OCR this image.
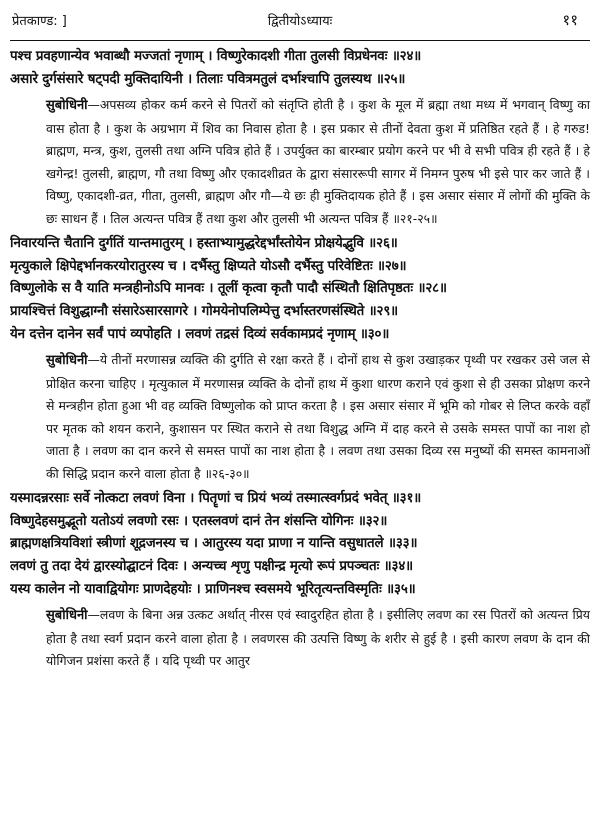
प्रेतकाण्ड: ]	द्वितीयोऽध्यायः	११

पश्च प्रवहणान्येव भवाब्धौ मज्जतां नृणाम् । विष्णुरेकादशी गीता तुलसी विप्रधेनवः ॥२४॥

असारे दुर्गसंसारे षट्पदी मुक्तिदायिनी । तिलाः पवित्रमतुलं दर्भाश्चापि तुलस्यथ ॥२५॥

सुबोधिनी—अपसव्य होकर कर्म करने से पितरों को संतृप्ति होती है । कुश के मूल में ब्रह्मा तथा मध्य में भगवान् विष्णु का वास होता है । कुश के अग्रभाग में शिव का निवास होता है । इस प्रकार से तीनों देवता कुश में प्रतिष्ठित रहते हैं । हे गरुड! ब्राह्मण, मन्त्र, कुश, तुलसी तथा अग्नि पवित्र होते हैं । उपर्युक्त का बारम्बार प्रयोग करने पर भी वे सभी पवित्र ही रहते हैं । हे खगेन्द्र! तुलसी, ब्राह्मण, गौ तथा विष्णु और एकादशीव्रत के द्वारा संसाररूपी सागर में निमग्न पुरुष भी इसे पार कर जाते हैं । विष्णु, एकादशी-व्रत, गीता, तुलसी, ब्राह्मण और गौ—ये छः ही मुक्तिदायक होते हैं । इस असार संसार में लोगों की मुक्ति के छः साधन हैं । तिल अत्यन्त पवित्र हैं तथा कुश और तुलसी भी अत्यन्त पवित्र हैं ॥२१-२५॥

निवारयन्ति चैतानि दुर्गतिं यान्तमातुरम् । हस्ताभ्यामुद्धरेद्दर्भांस्तोयेन प्रोक्षयेद्भुवि ॥२६॥

मृत्युकाले क्षिपेद्दर्भानकरयोरातुरस्य च । दर्भैस्तु क्षिप्यते योऽसौ दर्भैस्तु परिवेष्टितः ॥२७॥

विष्णुलोके स वै याति मन्त्रहीनोऽपि मानवः । तूलीं कृत्वा कृतौ पादौ संस्थितौ क्षितिपृष्ठतः ॥२८॥

प्रायश्चित्तं विशुद्धाग्नौ संसारेऽसारसागरे । गोमयेनोपलिम्पेत्तु दर्भास्तरणसंस्थिते ॥२९॥

येन दत्तेन दानेन सर्वं पापं व्यपोहति । लवणं तद्रसं दिव्यं सर्वकामप्रदं नृणाम् ॥३०॥

सुबोधिनी—ये तीनों मरणासन्न व्यक्ति की दुर्गति से रक्षा करते हैं । दोनों हाथ से कुश उखाड़कर पृथ्वी पर रखकर उसे जल से प्रोक्षित करना चाहिए । मृत्युकाल में मरणासन्न व्यक्ति के दोनों हाथ में कुशा धारण कराने एवं कुशा से ही उसका प्रोक्षण करने से मन्त्रहीन होता हुआ भी वह व्यक्ति विष्णुलोक को प्राप्त करता है । इस असार संसार में भूमि को गोबर से लिप्त करके वहाँ पर मृतक को शयन कराने, कुशासन पर स्थित कराने से तथा विशुद्ध अग्नि में दाह करने से उसके समस्त पापों का नाश हो जाता है । लवण का दान करने से समस्त पापों का नाश होता है । लवण तथा उसका दिव्य रस मनुष्यों की समस्त कामनाओं की सिद्धि प्रदान करने वाला होता है ॥२६-३०॥

यस्मादन्नरसाः सर्वे नोत्कटा लवणं विना । पितॄणां च प्रियं भव्यं तस्मात्स्वर्गप्रदं भवेत् ॥३१॥

विष्णुदेहसमुद्भूतो यतोऽयं लवणो रसः । एतस्लवणं दानं तेन शंसन्ति योगिनः ॥३२॥

ब्राह्मणक्षत्रियविशां स्त्रीणां शूद्रजनस्य च । आतुरस्य यदा प्राणा न यान्ति वसुधातले ॥३३॥

लवणं तु तदा देयं द्वारस्योद्घाटनं दिवः । अन्यच्च शृणु पक्षीन्द्र मृत्यो रूपं प्रपञ्चतः ॥३४॥

यस्य कालेन नो यावाद्वियोगः प्राणदेहयोः । प्राणिनश्च स्वसमये भूरितृत्यन्तविस्मृतिः ॥३५॥

सुबोधिनी—लवण के बिना अन्न उत्कट अर्थात् नीरस एवं स्वादुरहित होता है । इसीलिए लवण का रस पितरों को अत्यन्त प्रिय होता है तथा स्वर्ग प्रदान करने वाला होता है । लवणरस की उत्पत्ति विष्णु के शरीर से हुई है । इसी कारण लवण के दान की योगिजन प्रशंसा करते हैं । यदि पृथ्वी पर आतुर
